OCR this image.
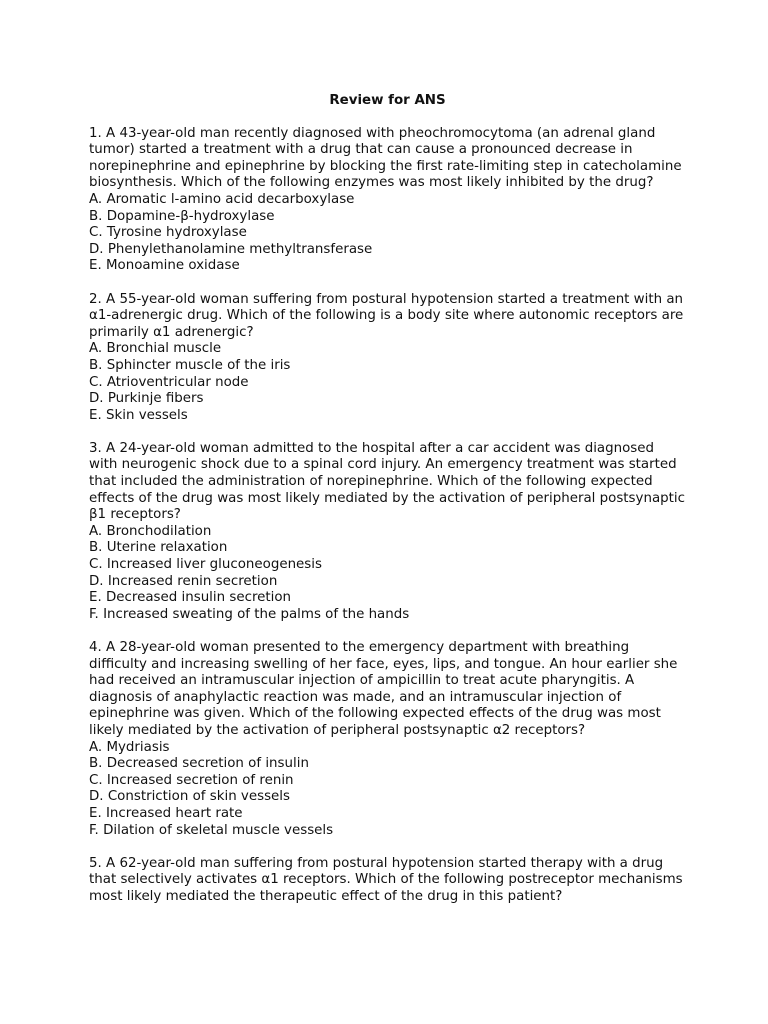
Review for ANS
1. A 43-year-old man recently diagnosed with pheochromocytoma (an adrenal gland tumor) started a treatment with a drug that can cause a pronounced decrease in norepinephrine and epinephrine by blocking the first rate-limiting step in catecholamine biosynthesis. Which of the following enzymes was most likely inhibited by the drug?
A. Aromatic l-amino acid decarboxylase
B. Dopamine-β-hydroxylase
C. Tyrosine hydroxylase
D. Phenylethanolamine methyltransferase
E. Monoamine oxidase
2. A 55-year-old woman suffering from postural hypotension started a treatment with an α1-adrenergic drug. Which of the following is a body site where autonomic receptors are primarily α1 adrenergic?
A. Bronchial muscle
B. Sphincter muscle of the iris
C. Atrioventricular node
D. Purkinje fibers
E. Skin vessels
3. A 24-year-old woman admitted to the hospital after a car accident was diagnosed with neurogenic shock due to a spinal cord injury. An emergency treatment was started that included the administration of norepinephrine. Which of the following expected effects of the drug was most likely mediated by the activation of peripheral postsynaptic β1 receptors?
A. Bronchodilation
B. Uterine relaxation
C. Increased liver gluconeogenesis
D. Increased renin secretion
E. Decreased insulin secretion
F. Increased sweating of the palms of the hands
4. A 28-year-old woman presented to the emergency department with breathing difficulty and increasing swelling of her face, eyes, lips, and tongue. An hour earlier she had received an intramuscular injection of ampicillin to treat acute pharyngitis. A diagnosis of anaphylactic reaction was made, and an intramuscular injection of epinephrine was given. Which of the following expected effects of the drug was most likely mediated by the activation of peripheral postsynaptic α2 receptors?
A. Mydriasis
B. Decreased secretion of insulin
C. Increased secretion of renin
D. Constriction of skin vessels
E. Increased heart rate
F. Dilation of skeletal muscle vessels
5. A 62-year-old man suffering from postural hypotension started therapy with a drug that selectively activates α1 receptors. Which of the following postreceptor mechanisms most likely mediated the therapeutic effect of the drug in this patient?
